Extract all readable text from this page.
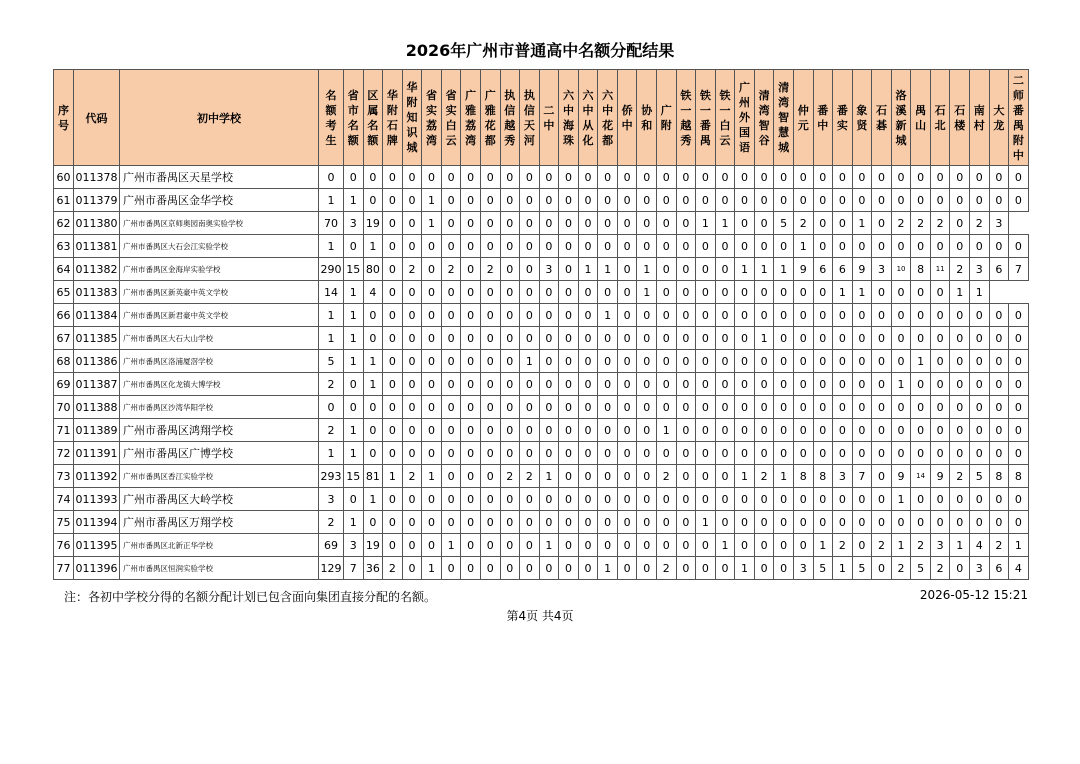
2026年广州市普通高中名额分配结果
序号	代码	初中学校	名额考生	省市名额	区属名额	华附石牌	华附知识城	省实荔湾	省实白云	广雅荔湾	广雅花都	执信越秀	执信天河	二中	六中海珠	六中从化	六中花都	侨中	协和	广附	铁一越秀	铁一番禺	铁一白云	广州外国语	清湾智谷	清湾智慧城	仲元	番中	番实	象贤	石碁	洛溪新城	禺山	石北	石楼	南村	大龙	二师番禺附中	
60	011378	广州市番禺区天星学校	0	0	0	0	0	0	0	0	0	0	0	0	0	0	0	0	0	0	0	0	0	0	0	0	0	0	0	0	0	0	0	0	0	0	0	0	
61	011379	广州市番禺区金华学校	1	1	0	0	0	1	0	0	0	0	0	0	0	0	0	0	0	0	0	0	0	0	0	0	0	0	0	0	0	0	0	0	0	0	0	0	
62	011380	广州市番禺区京师奥园南奥实验学校	70	3	19	0	0	1	0	0	0	0	0	0	0	0	0	0	0	0	0	1	1	0	0	5	2	0	0	1	0	2	2	2	0	2	3		
63	011381	广州市番禺区大石会江实验学校	1	0	1	0	0	0	0	0	0	0	0	0	0	0	0	0	0	0	0	0	0	0	0	0	1	0	0	0	0	0	0	0	0	0	0	0	
64	011382	广州市番禺区金海岸实验学校	290	15	80	0	2	0	2	0	2	0	0	3	0	1	1	0	1	0	0	0	0	1	1	1	9	6	6	9	3	10	8	11	2	3	6	7	
65	011383	广州市番禺区新英豪中英文学校	14	1	4	0	0	0	0	0	0	0	0	0	0	0	0	0	1	0	0	0	0	0	0	0	0	0	1	1	0	0	0	0	1	1			
66	011384	广州市番禺区新君豪中英文学校	1	1	0	0	0	0	0	0	0	0	0	0	0	0	1	0	0	0	0	0	0	0	0	0	0	0	0	0	0	0	0	0	0	0	0	0	
67	011385	广州市番禺区大石大山学校	1	1	0	0	0	0	0	0	0	0	0	0	0	0	0	0	0	0	0	0	0	0	1	0	0	0	0	0	0	0	0	0	0	0	0	0	
68	011386	广州市番禺区洛浦厦滘学校	5	1	1	0	0	0	0	0	0	0	1	0	0	0	0	0	0	0	0	0	0	0	0	0	0	0	0	0	0	0	1	0	0	0	0	0	
69	011387	广州市番禺区化龙镇大博学校	2	0	1	0	0	0	0	0	0	0	0	0	0	0	0	0	0	0	0	0	0	0	0	0	0	0	0	0	0	1	0	0	0	0	0	0	
70	011388	广州市番禺区沙湾华阳学校	0	0	0	0	0	0	0	0	0	0	0	0	0	0	0	0	0	0	0	0	0	0	0	0	0	0	0	0	0	0	0	0	0	0	0	0	
71	011389	广州市番禺区鸿翔学校	2	1	0	0	0	0	0	0	0	0	0	0	0	0	0	0	0	1	0	0	0	0	0	0	0	0	0	0	0	0	0	0	0	0	0	0	
72	011391	广州市番禺区广博学校	1	1	0	0	0	0	0	0	0	0	0	0	0	0	0	0	0	0	0	0	0	0	0	0	0	0	0	0	0	0	0	0	0	0	0	0	
73	011392	广州市番禺区香江实验学校	293	15	81	1	2	1	0	0	0	2	2	1	0	0	0	0	0	2	0	0	0	1	2	1	8	8	3	7	0	9	14	9	2	5	8	8	
74	011393	广州市番禺区大岭学校	3	0	1	0	0	0	0	0	0	0	0	0	0	0	0	0	0	0	0	0	0	0	0	0	0	0	0	0	0	1	0	0	0	0	0	0	
75	011394	广州市番禺区万翔学校	2	1	0	0	0	0	0	0	0	0	0	0	0	0	0	0	0	0	0	1	0	0	0	0	0	0	0	0	0	0	0	0	0	0	0	0	
76	011395	广州市番禺区北新正华学校	69	3	19	0	0	0	1	0	0	0	0	1	0	0	0	0	0	0	0	0	1	0	0	0	0	1	2	0	2	1	2	3	1	4	2	1	
77	011396	广州市番禺区恒润实验学校	129	7	36	2	0	1	0	0	0	0	0	0	0	0	1	0	0	2	0	0	0	1	0	0	3	5	1	5	0	2	5	2	0	3	6	4	
注：各初中学校分得的名额分配计划已包含面向集团直接分配的名额。	2026-05-12 15:21
第4页 共4页
